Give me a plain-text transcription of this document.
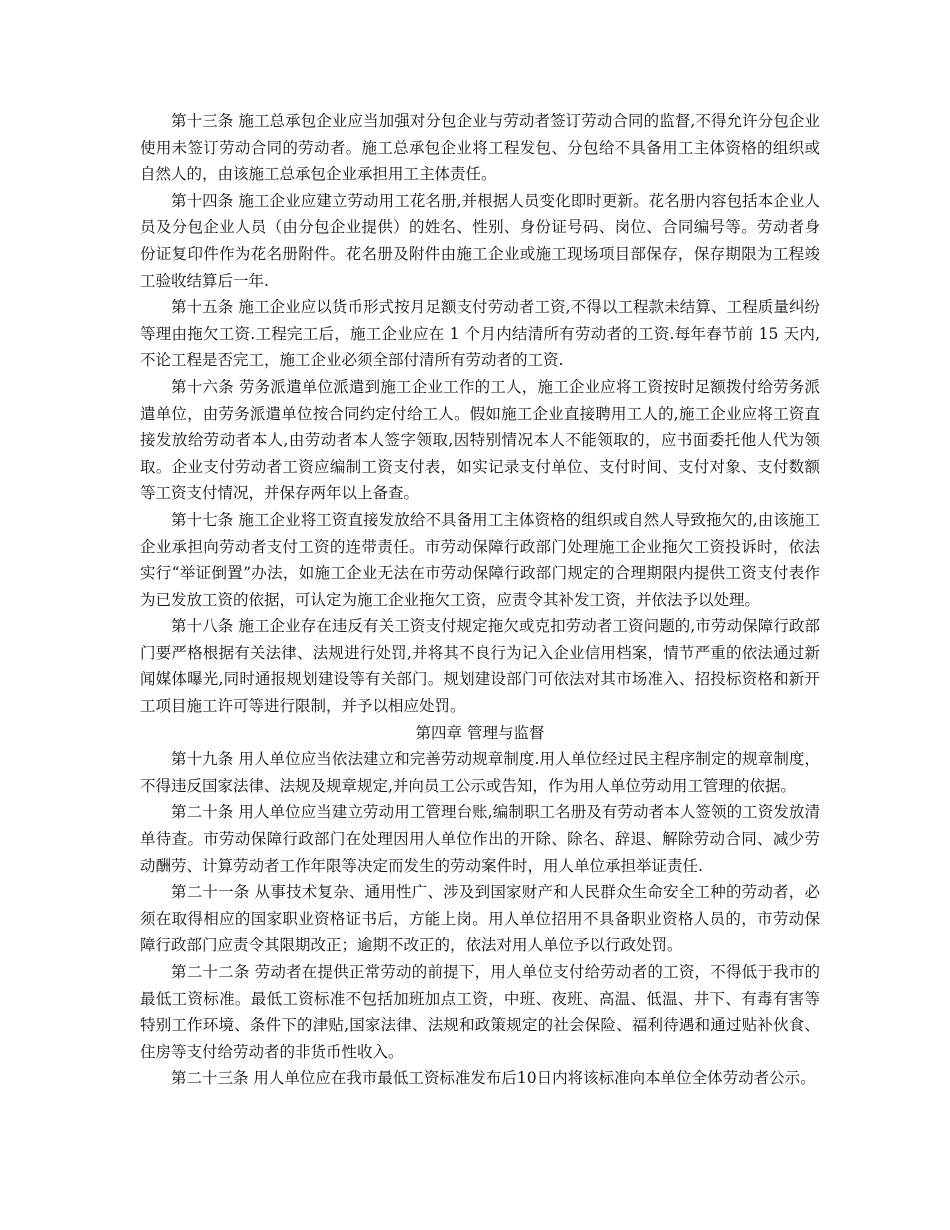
第十三条 施工总承包企业应当加强对分包企业与劳动者签订劳动合同的监督,不得允许分包企业使用未签订劳动合同的劳动者。施工总承包企业将工程发包、分包给不具备用工主体资格的组织或自然人的，由该施工总承包企业承担用工主体责任。

第十四条 施工企业应建立劳动用工花名册,并根据人员变化即时更新。花名册内容包括本企业人员及分包企业人员（由分包企业提供）的姓名、性别、身份证号码、岗位、合同编号等。劳动者身份证复印件作为花名册附件。花名册及附件由施工企业或施工现场项目部保存，保存期限为工程竣工验收结算后一年.

第十五条 施工企业应以货币形式按月足额支付劳动者工资,不得以工程款未结算、工程质量纠纷等理由拖欠工资.工程完工后，施工企业应在 1 个月内结清所有劳动者的工资.每年春节前 15 天内,不论工程是否完工，施工企业必须全部付清所有劳动者的工资.

第十六条 劳务派遣单位派遣到施工企业工作的工人，施工企业应将工资按时足额拨付给劳务派遣单位，由劳务派遣单位按合同约定付给工人。假如施工企业直接聘用工人的,施工企业应将工资直接发放给劳动者本人,由劳动者本人签字领取,因特别情况本人不能领取的，应书面委托他人代为领取。企业支付劳动者工资应编制工资支付表，如实记录支付单位、支付时间、支付对象、支付数额等工资支付情况，并保存两年以上备查。

第十七条 施工企业将工资直接发放给不具备用工主体资格的组织或自然人导致拖欠的,由该施工企业承担向劳动者支付工资的连带责任。市劳动保障行政部门处理施工企业拖欠工资投诉时，依法实行“举证倒置”办法，如施工企业无法在市劳动保障行政部门规定的合理期限内提供工资支付表作为已发放工资的依据，可认定为施工企业拖欠工资，应责令其补发工资，并依法予以处理。

第十八条 施工企业存在违反有关工资支付规定拖欠或克扣劳动者工资问题的,市劳动保障行政部门要严格根据有关法律、法规进行处罚,并将其不良行为记入企业信用档案，情节严重的依法通过新闻媒体曝光,同时通报规划建设等有关部门。规划建设部门可依法对其市场准入、招投标资格和新开工项目施工许可等进行限制，并予以相应处罚。

第四章 管理与监督

第十九条 用人单位应当依法建立和完善劳动规章制度.用人单位经过民主程序制定的规章制度，不得违反国家法律、法规及规章规定,并向员工公示或告知，作为用人单位劳动用工管理的依据。

第二十条 用人单位应当建立劳动用工管理台账,编制职工名册及有劳动者本人签领的工资发放清单待查。市劳动保障行政部门在处理因用人单位作出的开除、除名、辞退、解除劳动合同、减少劳动酬劳、计算劳动者工作年限等决定而发生的劳动案件时，用人单位承担举证责任.

第二十一条 从事技术复杂、通用性广、涉及到国家财产和人民群众生命安全工种的劳动者，必须在取得相应的国家职业资格证书后，方能上岗。用人单位招用不具备职业资格人员的，市劳动保障行政部门应责令其限期改正；逾期不改正的，依法对用人单位予以行政处罚。

第二十二条 劳动者在提供正常劳动的前提下，用人单位支付给劳动者的工资，不得低于我市的最低工资标准。最低工资标准不包括加班加点工资，中班、夜班、高温、低温、井下、有毒有害等特别工作环境、条件下的津贴,国家法律、法规和政策规定的社会保险、福利待遇和通过贴补伙食、住房等支付给劳动者的非货币性收入。

第二十三条 用人单位应在我市最低工资标准发布后10日内将该标准向本单位全体劳动者公示。
